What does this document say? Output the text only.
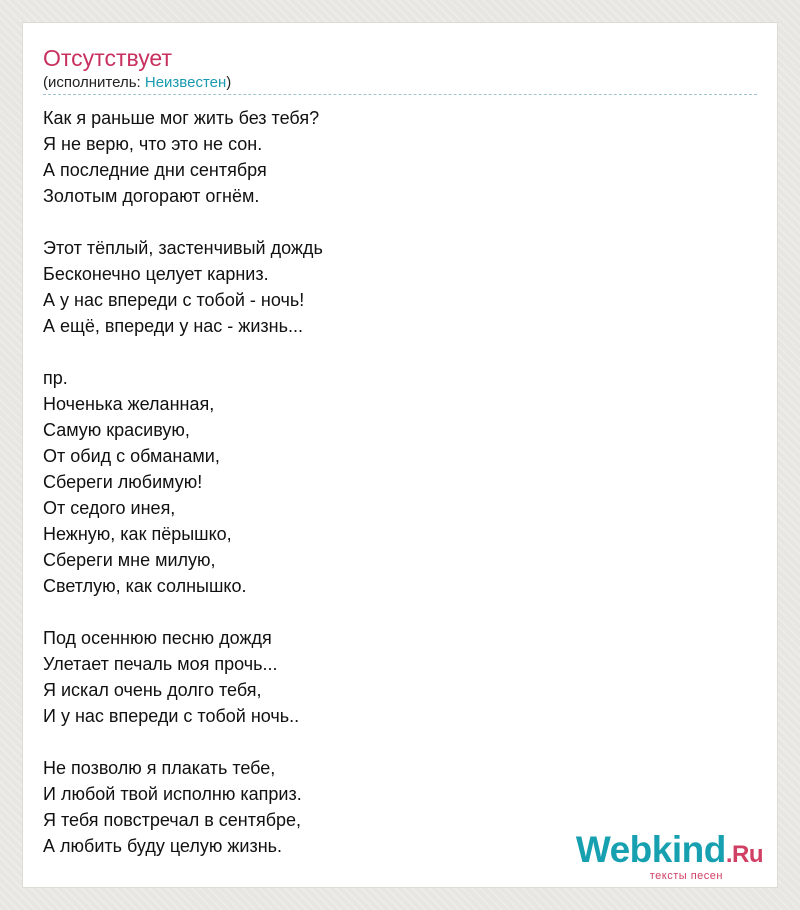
Отсутствует
(исполнитель: Неизвестен)
Как я раньше мог жить без тебя?
Я не верю, что это не сон.
А последние дни сентября
Золотым догорают огнём.
Этот тёплый, застенчивый дождь
Бесконечно целует карниз.
А у нас впереди с тобой - ночь!
А ещё, впереди у нас - жизнь...
пр.
Ноченька желанная,
Самую красивую,
От обид с обманами,
Сбереги любимую!
От седого инея,
Нежную, как пёрышко,
Сбереги мне милую,
Светлую, как солнышко.
Под осеннюю песню дождя
Улетает печаль моя прочь...
Я искал очень долго тебя,
И у нас впереди с тобой ночь..
Не позволю я плакать тебе,
И любой твой исполню каприз.
Я тебя повстречал в сентябре,
А любить буду целую жизнь.	Webkind.Ru
тексты песен
